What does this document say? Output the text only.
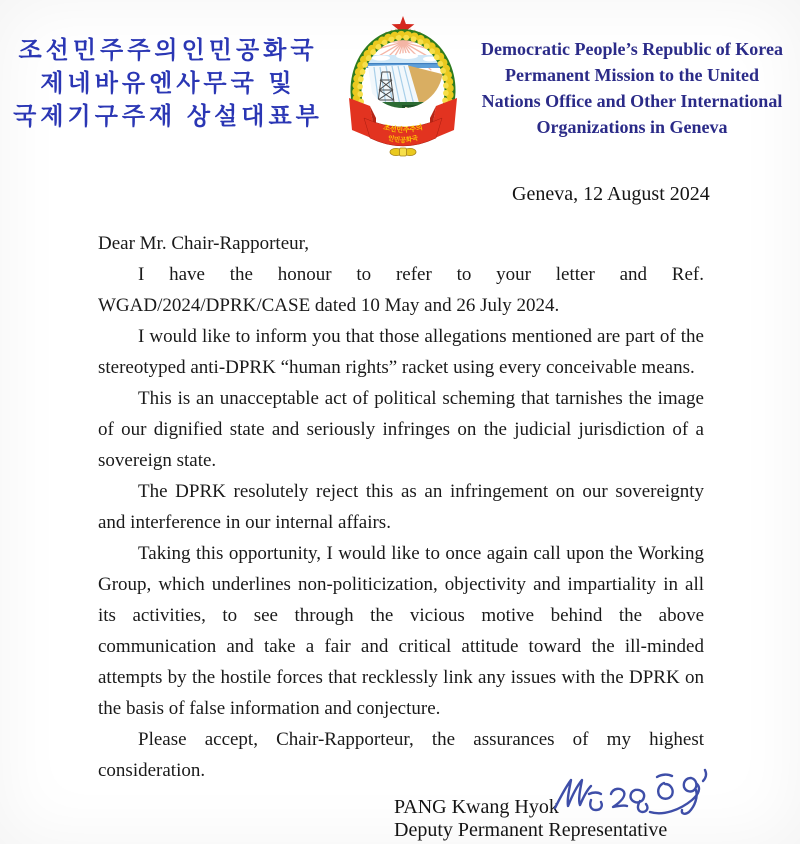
조선민주주의인민공화국
제네바유엔사무국 및
국제기구주재 상설대표부	조선민주주의
인민공화국
Democratic People’s Republic of Korea
Permanent Mission to the United
Nations Office and Other International
Organizations in Geneva
Geneva, 12 August 2024

Dear Mr. Chair-Rapporteur,

I have the honour to refer to your letter and Ref. WGAD/2024/DPRK/CASE dated 10 May and 26 July 2024.

I would like to inform you that those allegations mentioned are part of the stereotyped anti-DPRK “human rights” racket using every conceivable means.

This is an unacceptable act of political scheming that tarnishes the image of our dignified state and seriously infringes on the judicial jurisdiction of a sovereign state.

The DPRK resolutely reject this as an infringement on our sovereignty and interference in our internal affairs.

Taking this opportunity, I would like to once again call upon the Working Group, which underlines non-politicization, objectivity and impartiality in all its activities, to see through the vicious motive behind the above communication and take a fair and critical attitude toward the ill-minded attempts by the hostile forces that recklessly link any issues with the DPRK on the basis of false information and conjecture.

Please accept, Chair-Rapporteur, the assurances of my highest consideration.

PANG Kwang Hyok
Deputy Permanent Representative
